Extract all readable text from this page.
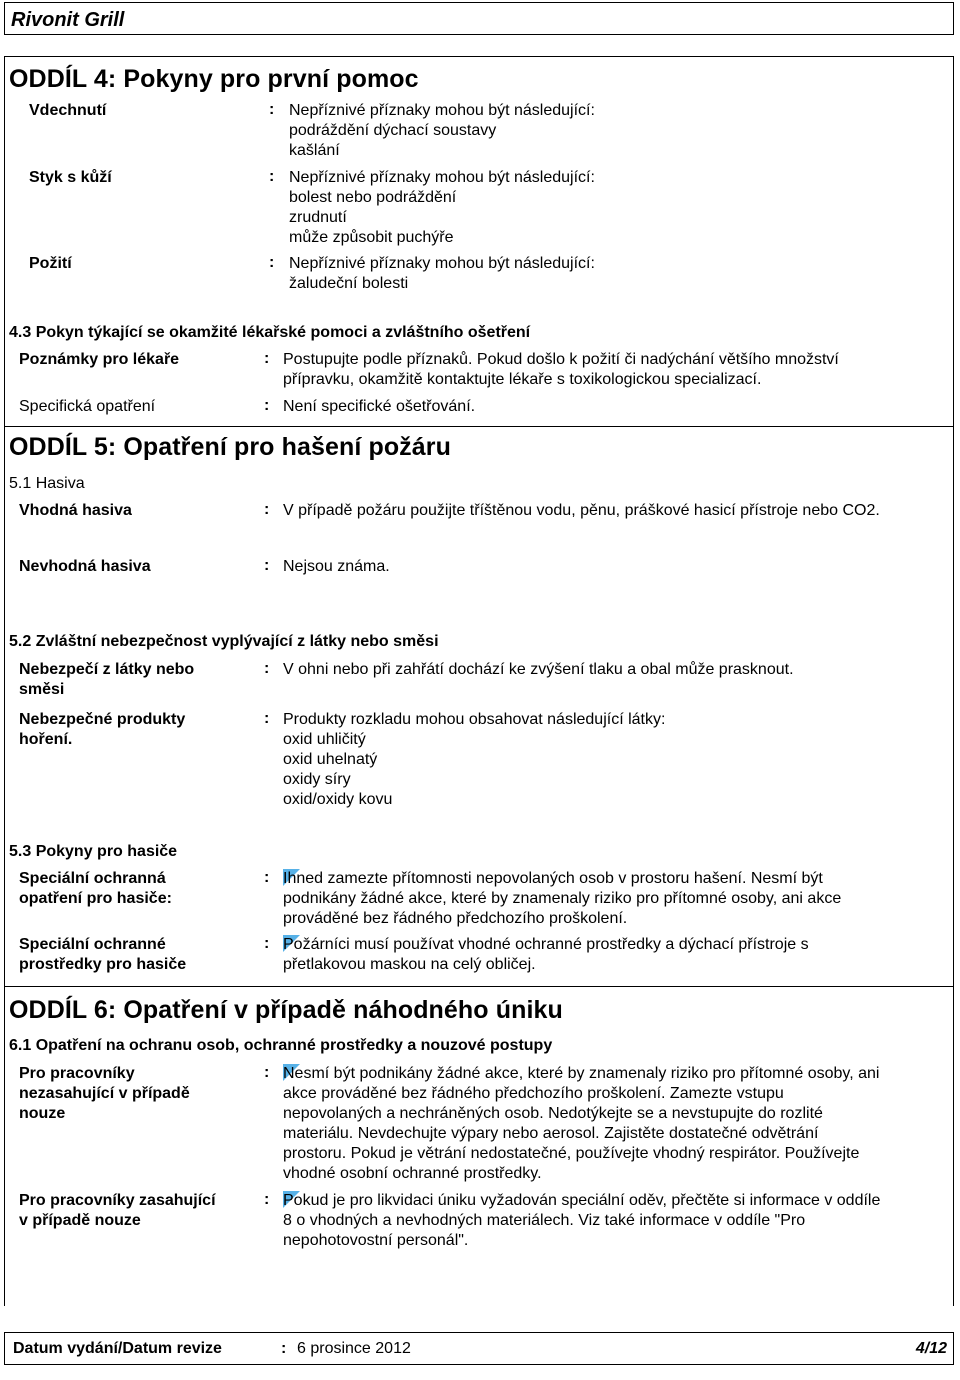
Rivonit Grill
ODDÍL 4: Pokyny pro první pomoc
Vdechnutí	: Nepříznivé příznaky mohou být následující:
podráždění dýchací soustavy
kašlání
Styk s kůží	: Nepříznivé příznaky mohou být následující:
bolest nebo podráždění
zrudnutí
může způsobit puchýře
Požití	: Nepříznivé příznaky mohou být následující:
žaludeční bolesti
4.3 Pokyn týkající se okamžité lékařské pomoci a zvláštního ošetření
Poznámky pro lékaře	: Postupujte podle příznaků. Pokud došlo k požití či nadýchání většího množství
přípravku, okamžitě kontaktujte lékaře s toxikologickou specializací.
Specifická opatření	: Není specifické ošetřování.
ODDÍL 5: Opatření pro hašení požáru
5.1 Hasiva
Vhodná hasiva	: V případě požáru použijte tříštěnou vodu, pěnu, práškové hasicí přístroje nebo CO2.
Nevhodná hasiva	: Nejsou známa.
5.2 Zvláštní nebezpečnost vyplývající z látky nebo směsi
Nebezpečí z látky nebo
směsi
: V ohni nebo při zahřátí dochází ke zvýšení tlaku a obal může prasknout.
Nebezpečné produkty
hoření.
: Produkty rozkladu mohou obsahovat následující látky:
oxid uhličitý
oxid uhelnatý
oxidy síry
oxid/oxidy kovu
5.3 Pokyny pro hasiče
Speciální ochranná
opatření pro hasiče:
: Ihned zamezte přítomnosti nepovolaných osob v prostoru hašení. Nesmí být
podnikány žádné akce, které by znamenaly riziko pro přítomné osoby, ani akce
prováděné bez řádného předchozího proškolení.
Speciální ochranné
prostředky pro hasiče
: Požárníci musí používat vhodné ochranné prostředky a dýchací přístroje s
přetlakovou maskou na celý obličej.
ODDÍL 6: Opatření v případě náhodného úniku
6.1 Opatření na ochranu osob, ochranné prostředky a nouzové postupy
Pro pracovníky
nezasahující v případě
nouze
: Nesmí být podnikány žádné akce, které by znamenaly riziko pro přítomné osoby, ani
akce prováděné bez řádného předchozího proškolení. Zamezte vstupu
nepovolaných a nechráněných osob. Nedotýkejte se a nevstupujte do rozlité
materiálu. Nevdechujte výpary nebo aerosol. Zajistěte dostatečné odvětrání
prostoru. Pokud je větrání nedostatečné, používejte vhodný respirátor. Používejte
vhodné osobní ochranné prostředky.
Pro pracovníky zasahující
v případě nouze
: Pokud je pro likvidaci úniku vyžadován speciální oděv, přečtěte si informace v oddíle
8 o vhodných a nevhodných materiálech. Viz také informace v oddíle "Pro
nepohotovostní personál".
Datum vydání/Datum revize	: 6 prosince 2012	4/12
